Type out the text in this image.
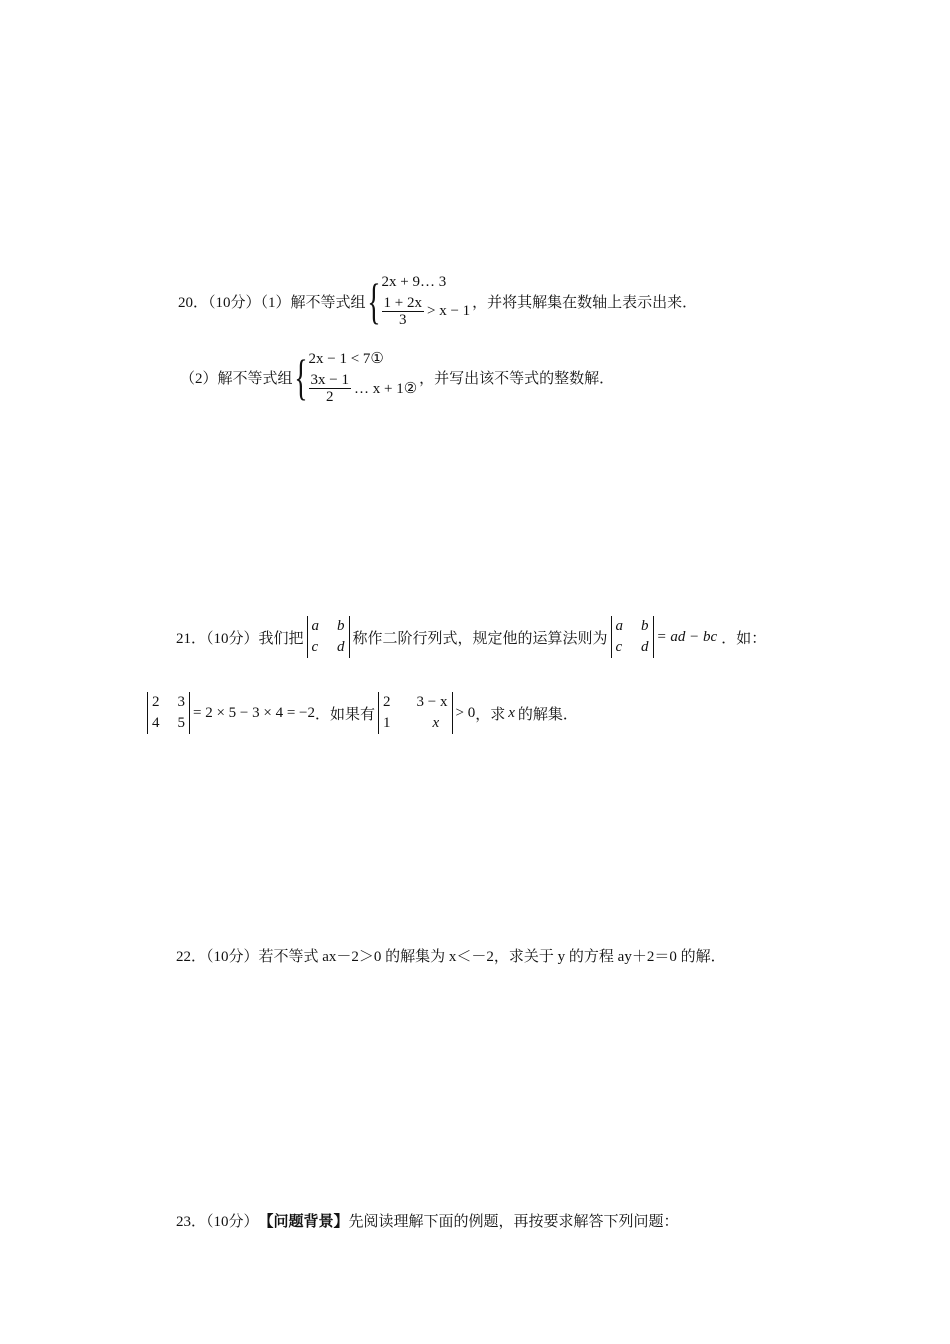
20．（10分）（1）解不等式组 { 2x + 9… 3
$\frac{1 + 2x}{3} > x - 1$
，并将其解集在数轴上表示出来．
（2）解不等式组 { 2x − 1 < 7①
$\frac{3x - 1}{2}$ … x + 1②
，并写出该不等式的整数解．
21．（10分）我们把
a b
c d
称作二阶行列式，规定他的运算法则为
a b
c d
= ad − bc ．如：
2 3
4 5
= 2 × 5 − 3 × 4 = −2 ．如果有
2 3 − x
1	x
> 0 ，求 x 的解集．
22．（10分）若不等式 ax－2＞0 的解集为 x＜－2，求关于 y 的方程 ay＋2＝0 的解．
23．（10分） 【问题背景】 先阅读理解下面的例题，再按要求解答下列问题：
